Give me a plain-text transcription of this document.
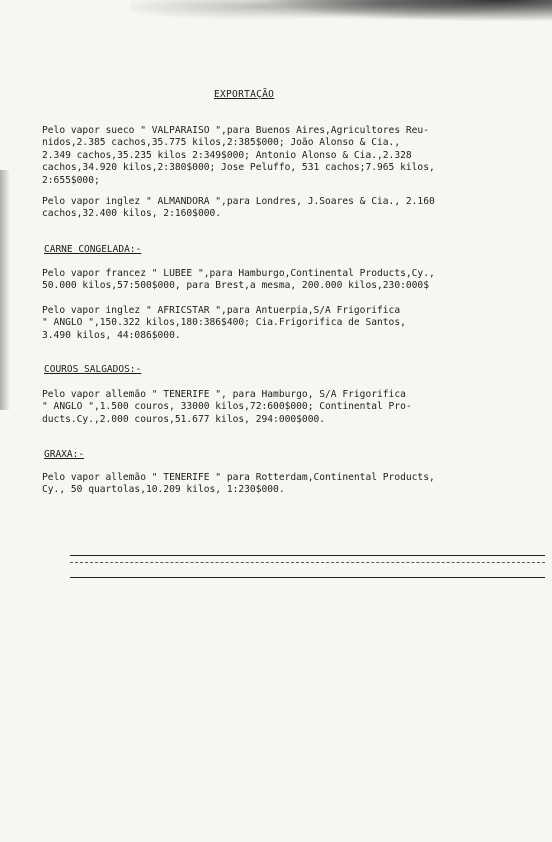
EXPORTAÇÃO
Pelo vapor sueco " VALPARAISO ",para Buenos Aires,Agricultores Reu-
nidos,2.385 cachos,35.775 kilos,2:385$000; João Alonso & Cia.,
2.349 cachos,35.235 kilos 2:349$000; Antonio Alonso & Cia.,2.328
cachos,34.920 kilos,2:380$000; Jose Peluffo, 531 cachos;7.965 kilos,
2:655$000;
Pelo vapor inglez " ALMANDORA ",para Londres, J.Soares & Cia., 2.160
cachos,32.400 kilos, 2:160$000.
CARNE CONGELADA:-
Pelo vapor francez " LUBEE ",para Hamburgo,Continental Products,Cy.,
50.000 kilos,57:500$000, para Brest,a mesma, 200.000 kilos,230:000$
Pelo vapor inglez " AFRICSTAR ",para Antuerpia,S/A Frigorifica
" ANGLO ",150.322 kilos,180:386$400; Cia.Frigorifica de Santos,
3.490 kilos, 44:086$000.
COUROS SALGADOS:-
Pelo vapor allemão " TENERIFE ", para Hamburgo, S/A Frigorifica
" ANGLO ",1.500 couros, 33000 kilos,72:600$000; Continental Pro-
ducts.Cy.,2.000 couros,51.677 kilos, 294:000$000.
GRAXA:-
Pelo vapor allemão " TENERIFE " para Rotterdam,Continental Products,
Cy., 50 quartolas,10.209 kilos, 1:230$000.
